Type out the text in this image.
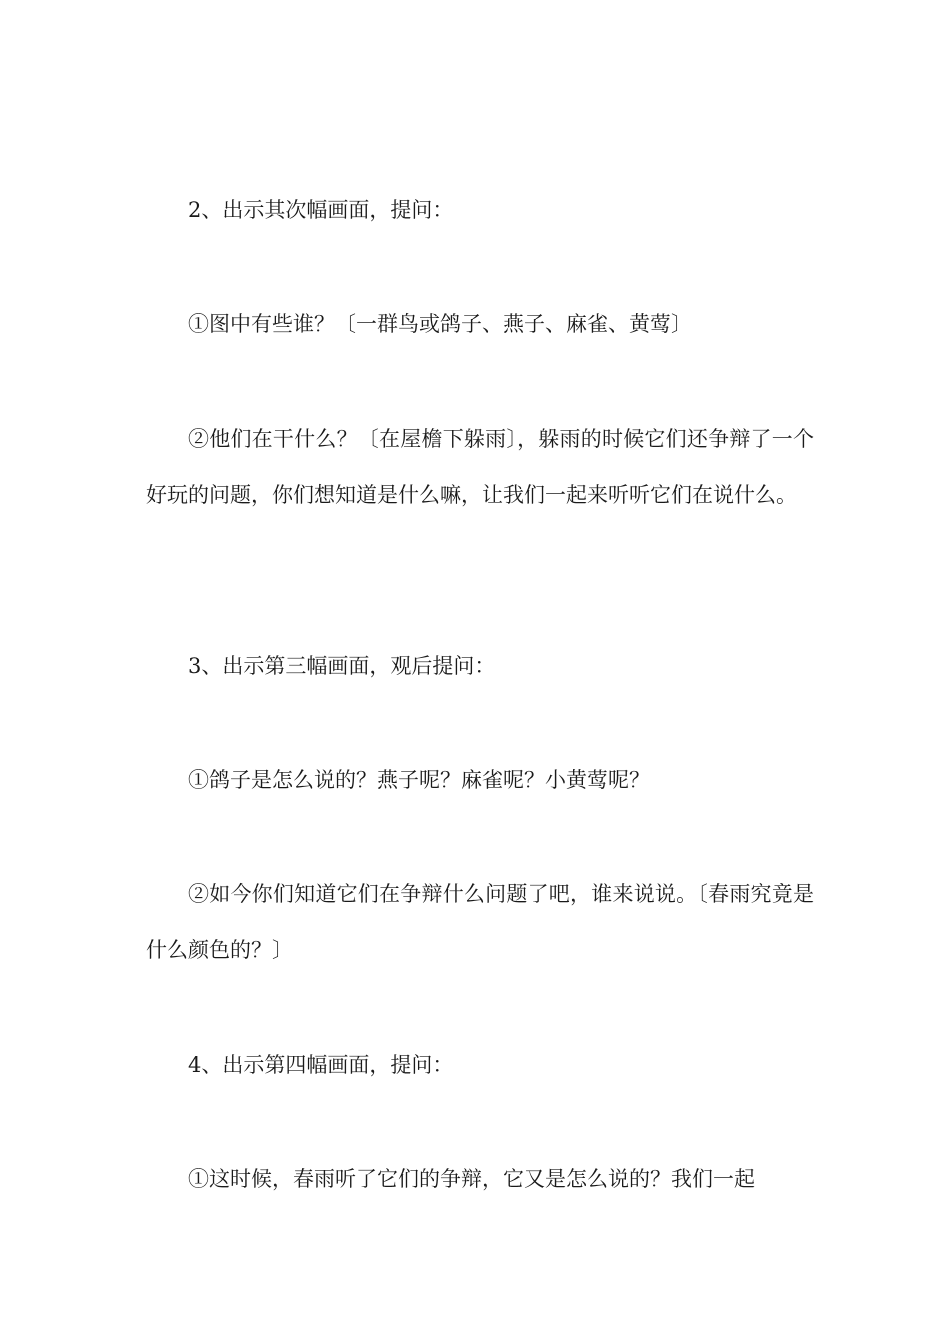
2、出示其次幅画面，提问：

①图中有些谁？〔一群鸟或鸽子、燕子、麻雀、黄莺〕

②他们在干什么？〔在屋檐下躲雨〕，躲雨的时候它们还争辩了一个好玩的问题，你们想知道是什么嘛，让我们一起来听听它们在说什么。

3、出示第三幅画面，观后提问：

①鸽子是怎么说的？燕子呢？麻雀呢？小黄莺呢？

②如今你们知道它们在争辩什么问题了吧，谁来说说。〔春雨究竟是什么颜色的？〕

4、出示第四幅画面，提问：

①这时候，春雨听了它们的争辩，它又是怎么说的？我们一起
